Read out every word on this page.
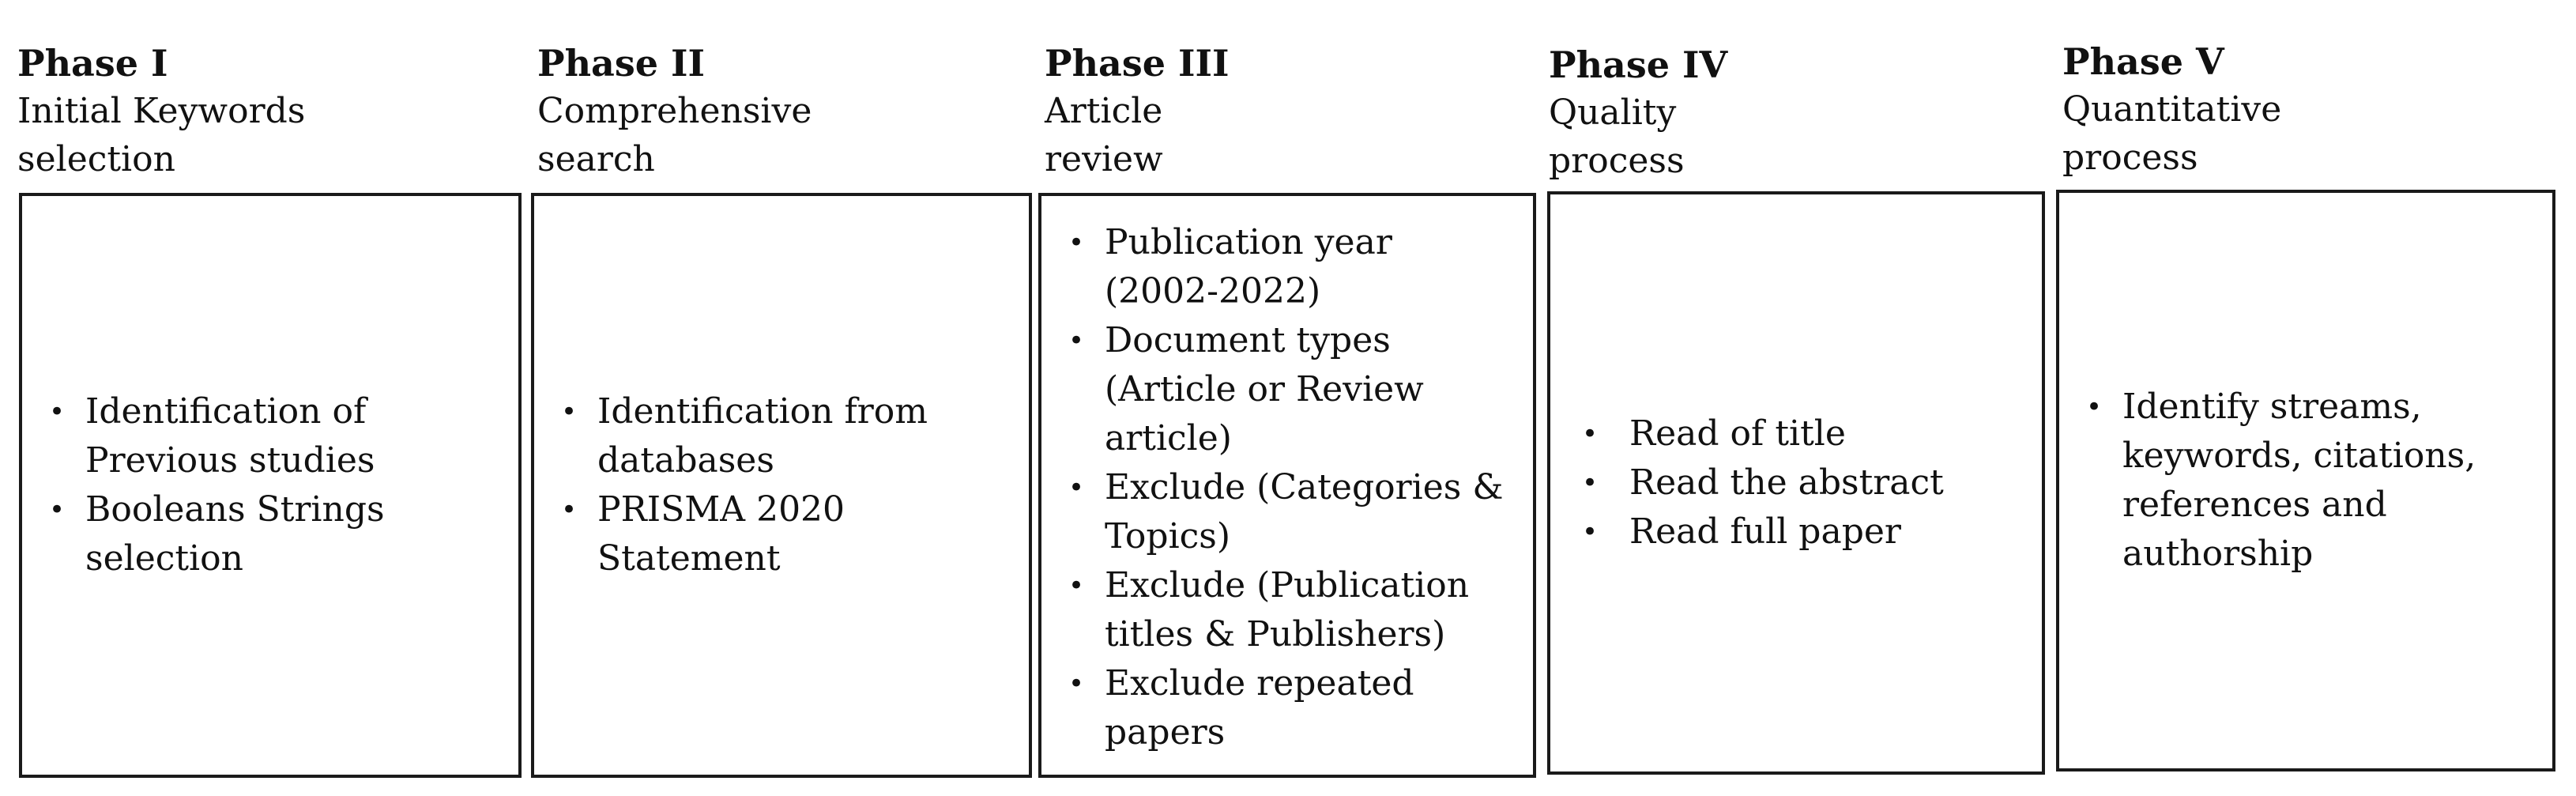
Phase I
Initial Keywords selection
• Identification of Previous studies
• Booleans Strings selection
Phase II
Comprehensive search
• Identification from databases
• PRISMA 2020 Statement
Phase III
Article review
• Publication year (2002-2022)
• Document types (Article or Review article)
• Exclude (Categories & Topics)
• Exclude (Publication titles & Publishers)
• Exclude repeated papers
Phase IV
Quality process
• Read of title
• Read the abstract
• Read full paper
Phase V
Quantitative process
• Identify streams, keywords, citations, references and authorship
